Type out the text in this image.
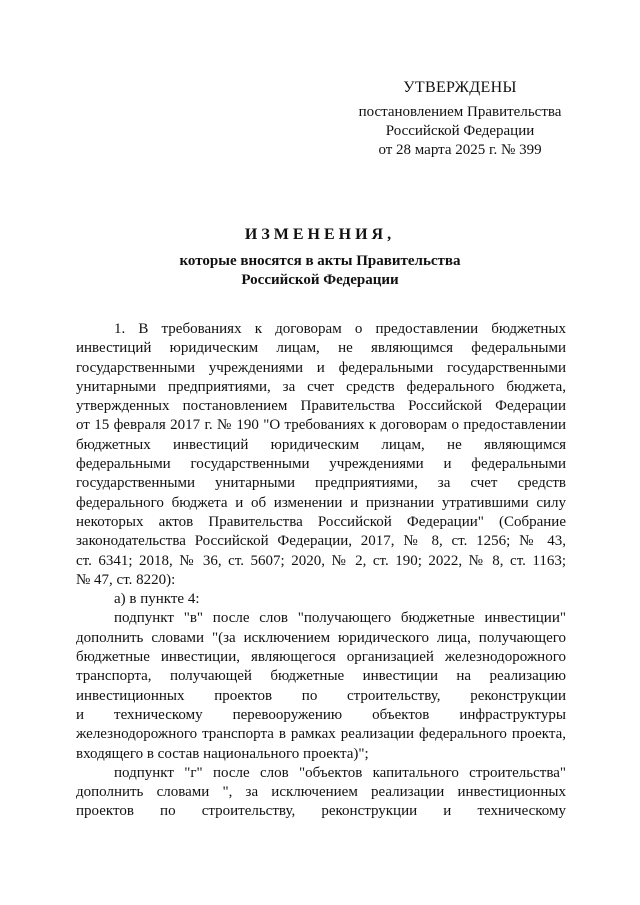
УТВЕРЖДЕНЫ
постановлением Правительства
Российской Федерации
от 28 марта 2025 г. № 399
ИЗМЕНЕНИЯ,
которые вносятся в акты Правительства
Российской Федерации
1. В требованиях к договорам о предоставлении бюджетных
инвестиций юридическим лицам, не являющимся федеральными
государственными учреждениями и федеральными государственными
унитарными предприятиями, за счет средств федерального бюджета,
утвержденных постановлением Правительства Российской Федерации
от 15 февраля 2017 г. № 190 "О требованиях к договорам о предоставлении
бюджетных инвестиций юридическим лицам, не являющимся
федеральными государственными учреждениями и федеральными
государственными унитарными предприятиями, за счет средств
федерального бюджета и об изменении и признании утратившими силу
некоторых актов Правительства Российской Федерации" (Собрание
законодательства Российской Федерации, 2017, № 8, ст. 1256; № 43,
ст. 6341; 2018, № 36, ст. 5607; 2020, № 2, ст. 190; 2022, № 8, ст. 1163;
№ 47, ст. 8220):
а) в пункте 4:
подпункт "в" после слов "получающего бюджетные инвестиции"
дополнить словами "(за исключением юридического лица, получающего
бюджетные инвестиции, являющегося организацией железнодорожного
транспорта, получающей бюджетные инвестиции на реализацию
инвестиционных проектов по строительству, реконструкции
и техническому перевооружению объектов инфраструктуры
железнодорожного транспорта в рамках реализации федерального проекта,
входящего в состав национального проекта)";
подпункт "г" после слов "объектов капитального строительства"
дополнить словами ", за исключением реализации инвестиционных
проектов по строительству, реконструкции и техническому
